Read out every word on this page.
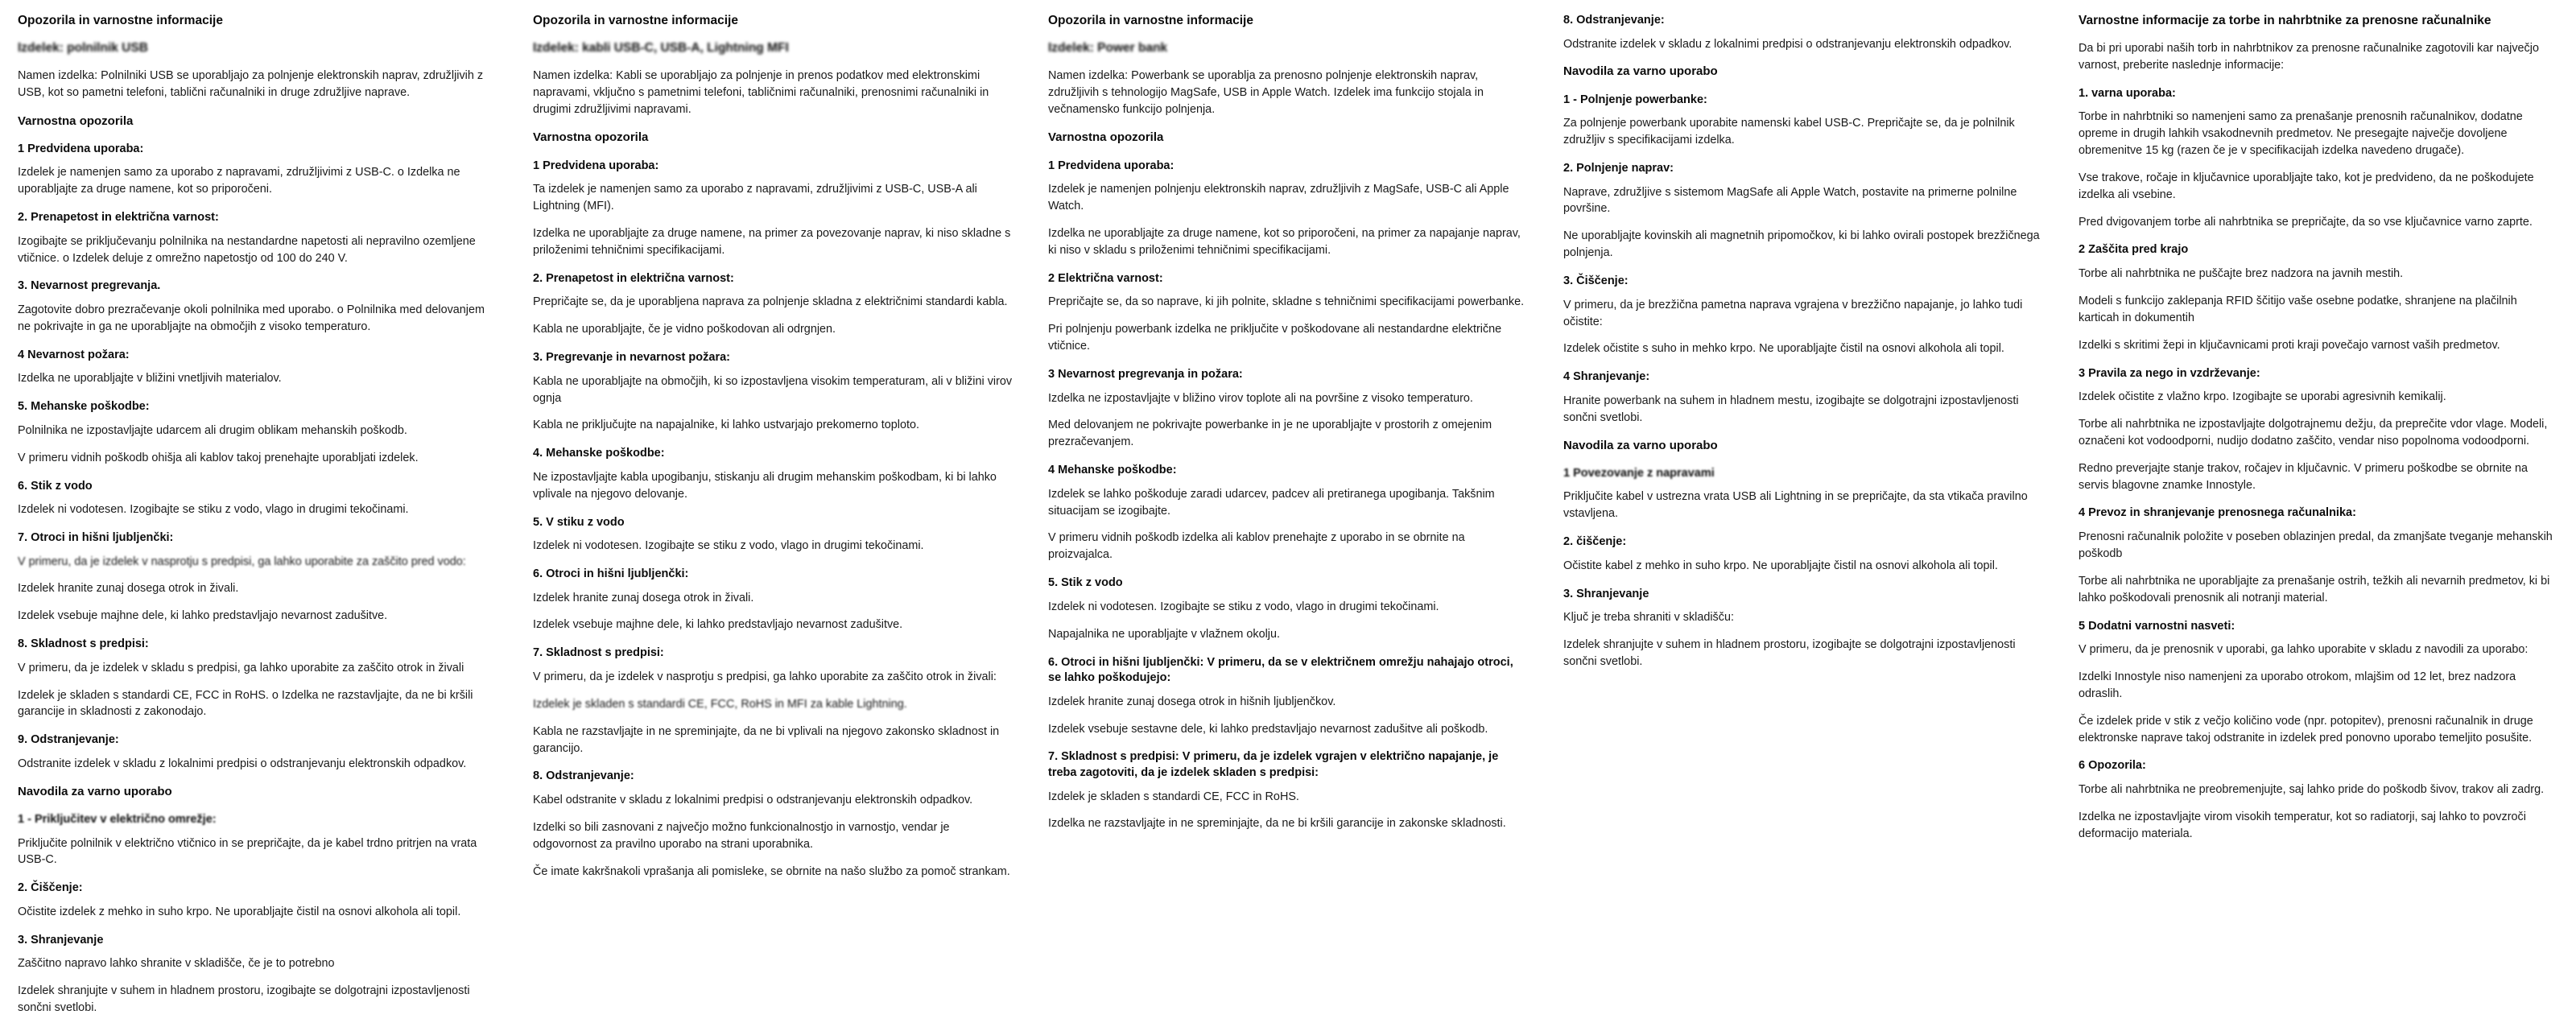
Opozorila in varnostne informacije
Izdelek: polnilnik USB

Namen izdelka: Polnilniki USB se uporabljajo za polnjenje elektronskih naprav, združljivih z USB, kot so pametni telefoni, tablični računalniki in druge združljive naprave.

Varnostna opozorila
1 Predvidena uporaba:

Izdelek je namenjen samo za uporabo z napravami, združljivimi z USB-C. o Izdelka ne uporabljajte za druge namene, kot so priporočeni.

2. Prenapetost in električna varnost:

Izogibajte se priključevanju polnilnika na nestandardne napetosti ali nepravilno ozemljene vtičnice. o Izdelek deluje z omrežno napetostjo od 100 do 240 V.

3. Nevarnost pregrevanja.

Zagotovite dobro prezračevanje okoli polnilnika med uporabo. o Polnilnika med delovanjem ne pokrivajte in ga ne uporabljajte na območjih z visoko temperaturo.

4 Nevarnost požara:

Izdelka ne uporabljajte v bližini vnetljivih materialov.

5. Mehanske poškodbe:

Polnilnika ne izpostavljajte udarcem ali drugim oblikam mehanskih poškodb.

V primeru vidnih poškodb ohišja ali kablov takoj prenehajte uporabljati izdelek.

6. Stik z vodo

Izdelek ni vodotesen. Izogibajte se stiku z vodo, vlago in drugimi tekočinami.

7. Otroci in hišni ljubljenčki:

V primeru, da je izdelek v nasprotju s predpisi, ga lahko uporabite za zaščito pred vodo:

Izdelek hranite zunaj dosega otrok in živali.

Izdelek vsebuje majhne dele, ki lahko predstavljajo nevarnost zadušitve.

8. Skladnost s predpisi:

V primeru, da je izdelek v skladu s predpisi, ga lahko uporabite za zaščito otrok in živali

Izdelek je skladen s standardi CE, FCC in RoHS. o Izdelka ne razstavljajte, da ne bi kršili garancije in skladnosti z zakonodajo.

9. Odstranjevanje:

Odstranite izdelek v skladu z lokalnimi predpisi o odstranjevanju elektronskih odpadkov.

Navodila za varno uporabo
1 - Priključitev v električno omrežje:

Priključite polnilnik v električno vtičnico in se prepričajte, da je kabel trdno pritrjen na vrata USB-C.

2. Čiščenje:

Očistite izdelek z mehko in suho krpo. Ne uporabljajte čistil na osnovi alkohola ali topil.

3. Shranjevanje

Zaščitno napravo lahko shranite v skladišče, če je to potrebno

Izdelek shranjujte v suhem in hladnem prostoru, izogibajte se dolgotrajni izpostavljenosti sončni svetlobi.

Opozorila in varnostne informacije
Izdelek: kabli USB-C, USB-A, Lightning MFI

Namen izdelka: Kabli se uporabljajo za polnjenje in prenos podatkov med elektronskimi napravami, vključno s pametnimi telefoni, tabličnimi računalniki, prenosnimi računalniki in drugimi združljivimi napravami.

Varnostna opozorila
1 Predvidena uporaba:

Ta izdelek je namenjen samo za uporabo z napravami, združljivimi z USB-C, USB-A ali Lightning (MFI).

Izdelka ne uporabljajte za druge namene, na primer za povezovanje naprav, ki niso skladne s priloženimi tehničnimi specifikacijami.

2. Prenapetost in električna varnost:

Prepričajte se, da je uporabljena naprava za polnjenje skladna z električnimi standardi kabla.

Kabla ne uporabljajte, če je vidno poškodovan ali odrgnjen.

3. Pregrevanje in nevarnost požara:

Kabla ne uporabljajte na območjih, ki so izpostavljena visokim temperaturam, ali v bližini virov ognja

Kabla ne priključujte na napajalnike, ki lahko ustvarjajo prekomerno toploto.

4. Mehanske poškodbe:

Ne izpostavljajte kabla upogibanju, stiskanju ali drugim mehanskim poškodbam, ki bi lahko vplivale na njegovo delovanje.

5. V stiku z vodo

Izdelek ni vodotesen. Izogibajte se stiku z vodo, vlago in drugimi tekočinami.

6. Otroci in hišni ljubljenčki:

Izdelek hranite zunaj dosega otrok in živali.

Izdelek vsebuje majhne dele, ki lahko predstavljajo nevarnost zadušitve.

7. Skladnost s predpisi:

V primeru, da je izdelek v nasprotju s predpisi, ga lahko uporabite za zaščito otrok in živali:

Izdelek je skladen s standardi CE, FCC, RoHS in MFI za kable Lightning.

Kabla ne razstavljajte in ne spreminjajte, da ne bi vplivali na njegovo zakonsko skladnost in garancijo.

8. Odstranjevanje:

Kabel odstranite v skladu z lokalnimi predpisi o odstranjevanju elektronskih odpadkov.

Izdelki so bili zasnovani z največjo možno funkcionalnostjo in varnostjo, vendar je odgovornost za pravilno uporabo na strani uporabnika.

Če imate kakršnakoli vprašanja ali pomisleke, se obrnite na našo službo za pomoč strankam.

Opozorila in varnostne informacije
Izdelek: Power bank

Namen izdelka: Powerbank se uporablja za prenosno polnjenje elektronskih naprav, združljivih s tehnologijo MagSafe, USB in Apple Watch. Izdelek ima funkcijo stojala in večnamensko funkcijo polnjenja.

Varnostna opozorila
1 Predvidena uporaba:

Izdelek je namenjen polnjenju elektronskih naprav, združljivih z MagSafe, USB-C ali Apple Watch.

Izdelka ne uporabljajte za druge namene, kot so priporočeni, na primer za napajanje naprav, ki niso v skladu s priloženimi tehničnimi specifikacijami.

2 Električna varnost:

Prepričajte se, da so naprave, ki jih polnite, skladne s tehničnimi specifikacijami powerbanke.

Pri polnjenju powerbank izdelka ne priključite v poškodovane ali nestandardne električne vtičnice.

3 Nevarnost pregrevanja in požara:

Izdelka ne izpostavljajte v bližino virov toplote ali na površine z visoko temperaturo.

Med delovanjem ne pokrivajte powerbanke in je ne uporabljajte v prostorih z omejenim prezračevanjem.

4 Mehanske poškodbe:

Izdelek se lahko poškoduje zaradi udarcev, padcev ali pretiranega upogibanja. Takšnim situacijam se izogibajte.

V primeru vidnih poškodb izdelka ali kablov prenehajte z uporabo in se obrnite na proizvajalca.

5. Stik z vodo

Izdelek ni vodotesen. Izogibajte se stiku z vodo, vlago in drugimi tekočinami.

Napajalnika ne uporabljajte v vlažnem okolju.

6. Otroci in hišni ljubljenčki: V primeru, da se v električnem omrežju nahajajo otroci, se lahko poškodujejo:

Izdelek hranite zunaj dosega otrok in hišnih ljubljenčkov.

Izdelek vsebuje sestavne dele, ki lahko predstavljajo nevarnost zadušitve ali poškodb.

7. Skladnost s predpisi: V primeru, da je izdelek vgrajen v električno napajanje, je treba zagotoviti, da je izdelek skladen s predpisi:

Izdelek je skladen s standardi CE, FCC in RoHS.

Izdelka ne razstavljajte in ne spreminjajte, da ne bi kršili garancije in zakonske skladnosti.

8. Odstranjevanje:

Odstranite izdelek v skladu z lokalnimi predpisi o odstranjevanju elektronskih odpadkov.

Navodila za varno uporabo
1 - Polnjenje powerbanke:

Za polnjenje powerbank uporabite namenski kabel USB-C. Prepričajte se, da je polnilnik združljiv s specifikacijami izdelka.

2. Polnjenje naprav:

Naprave, združljive s sistemom MagSafe ali Apple Watch, postavite na primerne polnilne površine.

Ne uporabljajte kovinskih ali magnetnih pripomočkov, ki bi lahko ovirali postopek brezžičnega polnjenja.

3. Čiščenje:

V primeru, da je brezžična pametna naprava vgrajena v brezžično napajanje, jo lahko tudi očistite:

Izdelek očistite s suho in mehko krpo. Ne uporabljajte čistil na osnovi alkohola ali topil.

4 Shranjevanje:

Hranite powerbank na suhem in hladnem mestu, izogibajte se dolgotrajni izpostavljenosti sončni svetlobi.

Navodila za varno uporabo
1 Povezovanje z napravami

Priključite kabel v ustrezna vrata USB ali Lightning in se prepričajte, da sta vtikača pravilno vstavljena.

2. čiščenje:

Očistite kabel z mehko in suho krpo. Ne uporabljajte čistil na osnovi alkohola ali topil.

3. Shranjevanje

Ključ je treba shraniti v skladišču:

Izdelek shranjujte v suhem in hladnem prostoru, izogibajte se dolgotrajni izpostavljenosti sončni svetlobi.

Varnostne informacije za torbe in nahrbtnike za prenosne računalnike

Da bi pri uporabi naših torb in nahrbtnikov za prenosne računalnike zagotovili kar največjo varnost, preberite naslednje informacije:

1. varna uporaba:

Torbe in nahrbtniki so namenjeni samo za prenašanje prenosnih računalnikov, dodatne opreme in drugih lahkih vsakodnevnih predmetov. Ne presegajte največje dovoljene obremenitve 15 kg (razen če je v specifikacijah izdelka navedeno drugače).

Vse trakove, ročaje in ključavnice uporabljajte tako, kot je predvideno, da ne poškodujete izdelka ali vsebine.

Pred dvigovanjem torbe ali nahrbtnika se prepričajte, da so vse ključavnice varno zaprte.

2 Zaščita pred krajo

Torbe ali nahrbtnika ne puščajte brez nadzora na javnih mestih.

Modeli s funkcijo zaklepanja RFID ščitijo vaše osebne podatke, shranjene na plačilnih karticah in dokumentih

Izdelki s skritimi žepi in ključavnicami proti kraji povečajo varnost vaših predmetov.

3 Pravila za nego in vzdrževanje:

Izdelek očistite z vlažno krpo. Izogibajte se uporabi agresivnih kemikalij.

Torbe ali nahrbtnika ne izpostavljajte dolgotrajnemu dežju, da preprečite vdor vlage. Modeli, označeni kot vodoodporni, nudijo dodatno zaščito, vendar niso popolnoma vodoodporni.

Redno preverjajte stanje trakov, ročajev in ključavnic. V primeru poškodbe se obrnite na servis blagovne znamke Innostyle.

4 Prevoz in shranjevanje prenosnega računalnika:

Prenosni računalnik položite v poseben oblazinjen predal, da zmanjšate tveganje mehanskih poškodb

Torbe ali nahrbtnika ne uporabljajte za prenašanje ostrih, težkih ali nevarnih predmetov, ki bi lahko poškodovali prenosnik ali notranji material.

5 Dodatni varnostni nasveti:

V primeru, da je prenosnik v uporabi, ga lahko uporabite v skladu z navodili za uporabo:

Izdelki Innostyle niso namenjeni za uporabo otrokom, mlajšim od 12 let, brez nadzora odraslih.

Če izdelek pride v stik z večjo količino vode (npr. potopitev), prenosni računalnik in druge elektronske naprave takoj odstranite in izdelek pred ponovno uporabo temeljito posušite.

6 Opozorila:

Torbe ali nahrbtnika ne preobremenjujte, saj lahko pride do poškodb šivov, trakov ali zadrg.

Izdelka ne izpostavljajte virom visokih temperatur, kot so radiatorji, saj lahko to povzroči deformacijo materiala.
